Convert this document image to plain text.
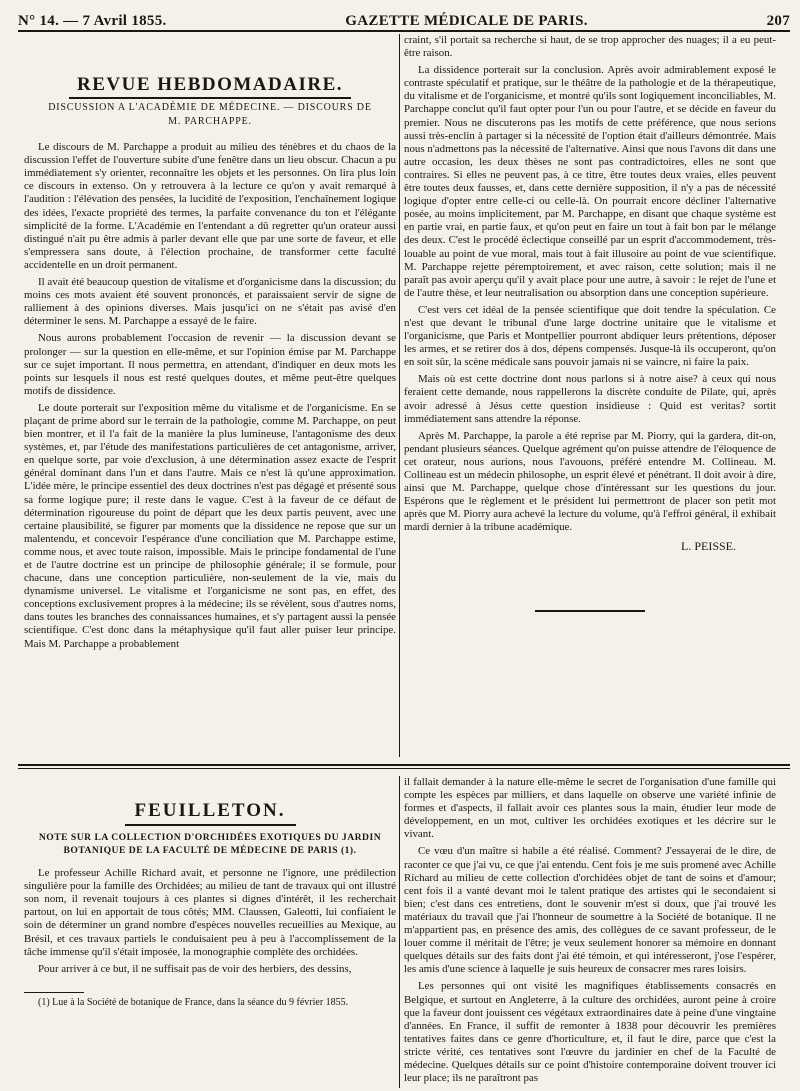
N° 14. — 7 Avril 1855.	GAZETTE MÉDICALE DE PARIS.	207
REVUE HEBDOMADAIRE.
DISCUSSION A L'ACADÉMIE DE MÉDECINE. — DISCOURS DE M. PARCHAPPE.

Le discours de M. Parchappe a produit au milieu des ténèbres et du chaos de la discussion l'effet de l'ouverture subite d'une fenêtre dans un lieu obscur. Chacun a pu immédiatement s'y orienter, reconnaître les objets et les personnes. On lira plus loin ce discours in extenso. On y retrouvera à la lecture ce qu'on y avait remarqué à l'audition : l'élévation des pensées, la lucidité de l'exposition, l'enchaînement logique des idées, l'exacte propriété des termes, la parfaite convenance du ton et l'élégante simplicité de la forme. L'Académie en l'entendant a dû regretter qu'un orateur aussi distingué n'ait pu être admis à parler devant elle que par une sorte de faveur, et elle s'empressera sans doute, à l'élection prochaine, de transformer cette faculté accidentelle en un droit permanent.

Il avait été beaucoup question de vitalisme et d'organicisme dans la discussion; du moins ces mots avaient été souvent prononcés, et paraissaient servir de signe de ralliement à des opinions diverses. Mais jusqu'ici on ne s'était pas avisé d'en déterminer le sens. M. Parchappe a essayé de le faire.

Nous aurons probablement l'occasion de revenir — la discussion devant se prolonger — sur la question en elle-même, et sur l'opinion émise par M. Parchappe sur ce sujet important. Il nous permettra, en attendant, d'indiquer en deux mots les points sur lesquels il nous est resté quelques doutes, et même peut-être quelques motifs de dissidence.

Le doute porterait sur l'exposition même du vitalisme et de l'organicisme. En se plaçant de prime abord sur le terrain de la pathologie, comme M. Parchappe, on peut bien montrer, et il l'a fait de la manière la plus lumineuse, l'antagonisme des deux systèmes, et, par l'étude des manifestations particulières de cet antagonisme, arriver, en quelque sorte, par voie d'exclusion, à une détermination assez exacte de l'esprit général dominant dans l'un et dans l'autre. Mais ce n'est là qu'une approximation. L'idée mère, le principe essentiel des deux doctrines n'est pas dégagé et présenté sous sa forme logique pure; il reste dans le vague. C'est à la faveur de ce défaut de détermination rigoureuse du point de départ que les deux partis peuvent, avec une certaine plausibilité, se figurer par moments que la dissidence ne repose que sur un malentendu, et concevoir l'espérance d'une conciliation que M. Parchappe estime, comme nous, et avec toute raison, impossible. Mais le principe fondamental de l'une et de l'autre doctrine est un principe de philosophie générale; il se formule, pour chacune, dans une conception particulière, non-seulement de la vie, mais du dynamisme universel. Le vitalisme et l'organicisme ne sont pas, en effet, des conceptions exclusivement propres à la médecine; ils se révèlent, sous d'autres noms, dans toutes les branches des connaissances humaines, et s'y partagent aussi la pensée scientifique. C'est donc dans la métaphysique qu'il faut aller puiser leur principe. Mais M. Parchappe a probablement

craint, s'il portait sa recherche si haut, de se trop approcher des nuages; il a eu peut-être raison.

La dissidence porterait sur la conclusion. Après avoir admirablement exposé le contraste spéculatif et pratique, sur le théâtre de la pathologie et de la thérapeutique, du vitalisme et de l'organicisme, et montré qu'ils sont logiquement inconciliables, M. Parchappe conclut qu'il faut opter pour l'un ou pour l'autre, et se décide en faveur du premier. Nous ne discuterons pas les motifs de cette préférence, que nous serions aussi très-enclin à partager si la nécessité de l'option était d'ailleurs démontrée. Mais nous n'admettons pas la nécessité de l'alternative. Ainsi que nous l'avons dit dans une autre occasion, les deux thèses ne sont pas contradictoires, elles ne sont que contraires. Si elles ne peuvent pas, à ce titre, être toutes deux vraies, elles peuvent être toutes deux fausses, et, dans cette dernière supposition, il n'y a pas de nécessité logique d'opter entre celle-ci ou celle-là. On pourrait encore décliner l'alternative posée, au moins implicitement, par M. Parchappe, en disant que chaque système est en partie vrai, en partie faux, et qu'on peut en faire un tout à fait bon par le mélange des deux. C'est le procédé éclectique conseillé par un esprit d'accommodement, très-louable au point de vue moral, mais tout à fait illusoire au point de vue scientifique. M. Parchappe rejette péremptoirement, et avec raison, cette solution; mais il ne paraît pas avoir aperçu qu'il y avait place pour une autre, à savoir : le rejet de l'une et de l'autre thèse, et leur neutralisation ou absorption dans une conception supérieure.

C'est vers cet idéal de la pensée scientifique que doit tendre la spéculation. Ce n'est que devant le tribunal d'une large doctrine unitaire que le vitalisme et l'organicisme, que Paris et Montpellier pourront abdiquer leurs prétentions, déposer les armes, et se retirer dos à dos, dépens compensés. Jusque-là ils occuperont, qu'on en soit sûr, la scène médicale sans pouvoir jamais ni se vaincre, ni faire la paix.

Mais où est cette doctrine dont nous parlons si à notre aise? à ceux qui nous feraient cette demande, nous rappellerons la discrète conduite de Pilate, qui, après avoir adressé à Jésus cette question insidieuse : Quid est veritas? sortit immédiatement sans attendre la réponse.

Après M. Parchappe, la parole a été reprise par M. Piorry, qui la gardera, dit-on, pendant plusieurs séances. Quelque agrément qu'on puisse attendre de l'éloquence de cet orateur, nous aurions, nous l'avouons, préféré entendre M. Collineau. M. Collineau est un médecin philosophe, un esprit élevé et pénétrant. Il doit avoir à dire, ainsi que M. Parchappe, quelque chose d'intéressant sur les questions du jour. Espérons que le règlement et le président lui permettront de placer son petit mot après que M. Piorry aura achevé la lecture du volume, qu'à l'effroi général, il exhibait mardi dernier à la tribune académique.

L. PEISSE.
FEUILLETON.
NOTE SUR LA COLLECTION D'ORCHIDÉES EXOTIQUES DU JARDIN BOTANIQUE DE LA FACULTÉ DE MÉDECINE DE PARIS (1).

Le professeur Achille Richard avait, et personne ne l'ignore, une prédilection singulière pour la famille des Orchidées; au milieu de tant de travaux qui ont illustré son nom, il revenait toujours à ces plantes si dignes d'intérêt, il les recherchait partout, on lui en apportait de tous côtés; MM. Claussen, Galeotti, lui confiaient le soin de déterminer un grand nombre d'espèces nouvelles recueillies au Mexique, au Brésil, et ces travaux partiels le conduisaient peu à peu à l'accomplissement de la tâche immense qu'il s'était imposée, la monographie complète des orchidées.

Pour arriver à ce but, il ne suffisait pas de voir des herbiers, des dessins,

(1) Lue à la Société de botanique de France, dans la séance du 9 février 1855.

il fallait demander à la nature elle-même le secret de l'organisation d'une famille qui compte les espèces par milliers, et dans laquelle on observe une variété infinie de formes et d'aspects, il fallait avoir ces plantes sous la main, étudier leur mode de développement, en un mot, cultiver les orchidées exotiques et les décrire sur le vivant.

Ce vœu d'un maître si habile a été réalisé. Comment? J'essayerai de le dire, de raconter ce que j'ai vu, ce que j'ai entendu. Cent fois je me suis promené avec Achille Richard au milieu de cette collection d'orchidées objet de tant de soins et d'amour; cent fois il a vanté devant moi le talent pratique des artistes qui le secondaient si bien; c'est dans ces entretiens, dont le souvenir m'est si doux, que j'ai trouvé les matériaux du travail que j'ai l'honneur de soumettre à la Société de botanique. Il ne m'appartient pas, en présence des amis, des collègues de ce savant professeur, de le louer comme il méritait de l'être; je veux seulement honorer sa mémoire en donnant quelques détails sur des faits dont j'ai été témoin, et qui intéresseront, j'ose l'espérer, les amis d'une science à laquelle je suis heureux de consacrer mes rares loisirs.

Les personnes qui ont visité les magnifiques établissements consacrés en Belgique, et surtout en Angleterre, à la culture des orchidées, auront peine à croire que la faveur dont jouissent ces végétaux extraordinaires date à peine d'une vingtaine d'années. En France, il suffit de remonter à 1838 pour découvrir les premières tentatives faites dans ce genre d'horticulture, et, il faut le dire, parce que c'est la stricte vérité, ces tentatives sont l'œuvre du jardinier en chef de la Faculté de médecine. Quelques détails sur ce point d'histoire contemporaine doivent trouver ici leur place; ils ne paraîtront pas
